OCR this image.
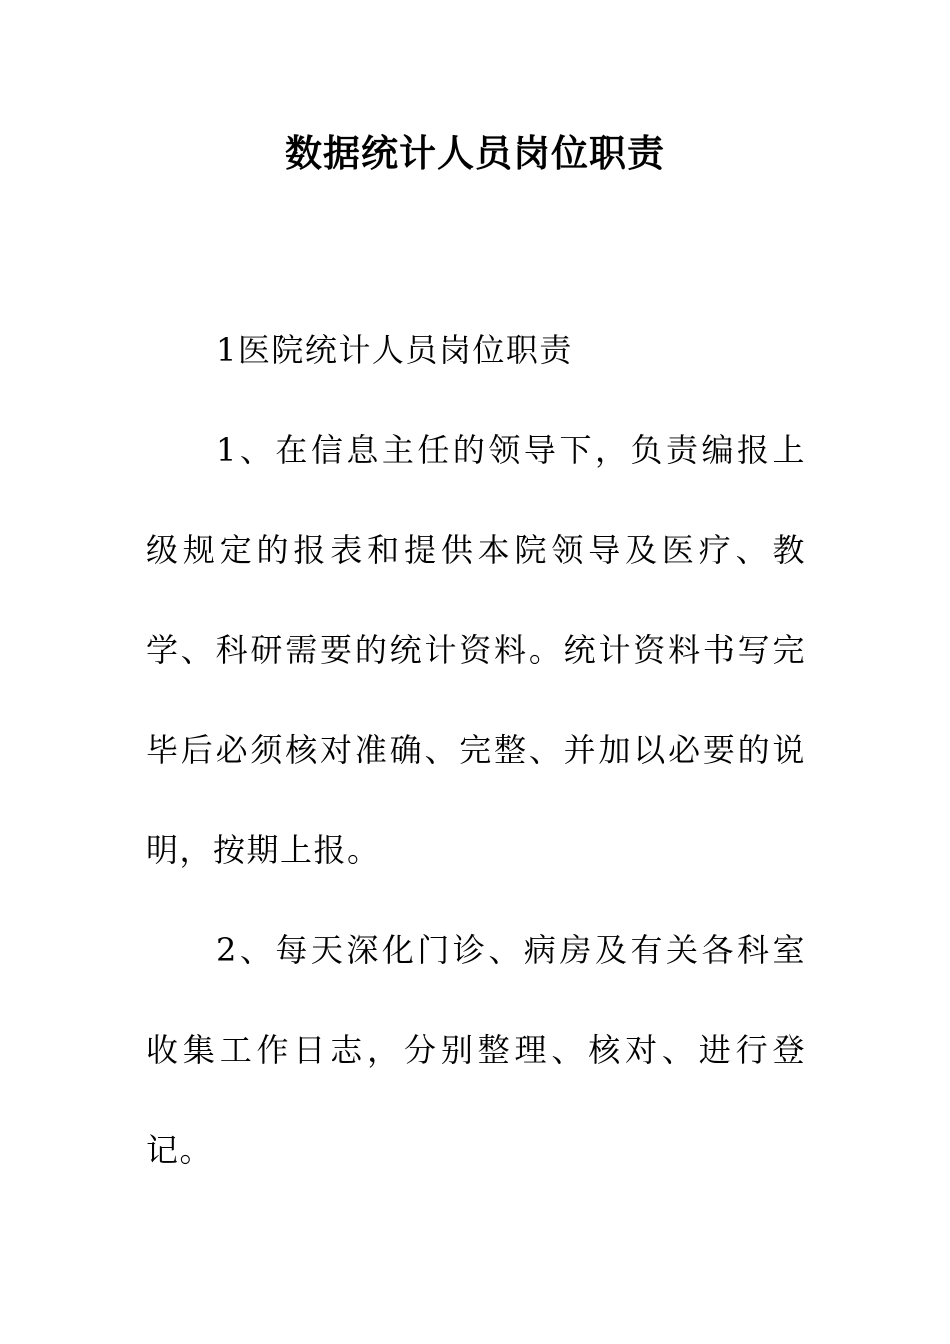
数据统计人员岗位职责

1医院统计人员岗位职责

1、在信息主任的领导下，负责编报上级规定的报表和提供本院领导及医疗、教学、科研需要的统计资料。统计资料书写完毕后必须核对准确、完整、并加以必要的说明，按期上报。

2、每天深化门诊、病房及有关各科室收集工作日志，分别整理、核对、进行登记。
